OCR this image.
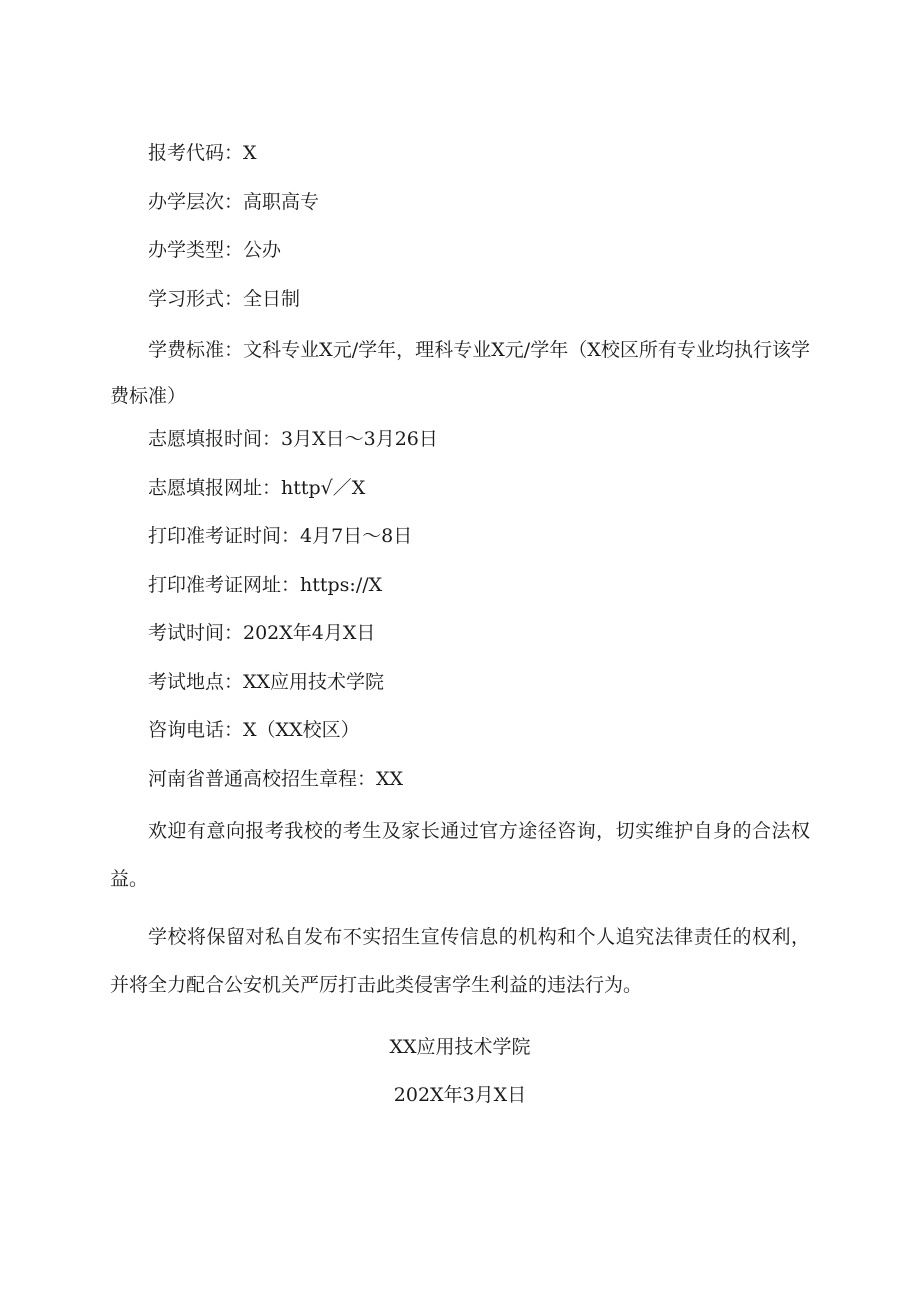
报考代码：X

办学层次：高职高专

办学类型：公办

学习形式：全日制

学费标准：文科专业X元/学年，理科专业X元/学年（X校区所有专业均执行该学费标准）

志愿填报时间：3月X日～3月26日

志愿填报网址：http√／X

打印准考证时间：4月7日～8日

打印准考证网址：https://X

考试时间：202X年4月X日

考试地点：XX应用技术学院

咨询电话：X（XX校区）

河南省普通高校招生章程：XX

欢迎有意向报考我校的考生及家长通过官方途径咨询，切实维护自身的合法权益。

学校将保留对私自发布不实招生宣传信息的机构和个人追究法律责任的权利，并将全力配合公安机关严厉打击此类侵害学生利益的违法行为。

XX应用技术学院

202X年3月X日
